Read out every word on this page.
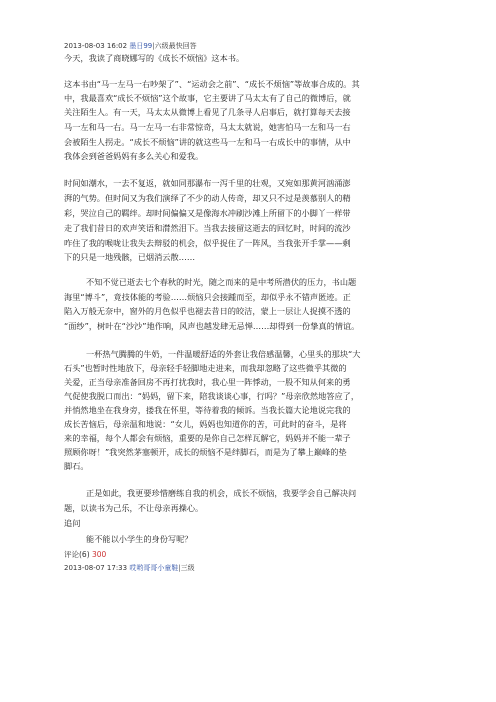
2013-08-03 16:02 墨日99|六级最快回答
今天，我读了商晓娜写的《成长不烦恼》这本书。
这本书由“马一左马一右吵架了”、“运动会之前”、“成长不烦恼”等故事合成的。其
中，我最喜欢“成长不烦恼”这个故事，它主要讲了马太太有了自己的微博后，就
关注陌生人。有一天，马太太从微博上看见了几条寻人启事后，就打算每天去接
马一左和马一右。马一左马一右非常惊奇，马太太就说，她害怕马一左和马一右
会被陌生人拐走。“成长不烦恼”讲的就这些马一左和马一右成长中的事情，从中
我体会到爸爸妈妈有多么关心和爱我。
时间如潮水，一去不复返，就如同那瀑布一泻千里的壮观，又宛如那黄河汹涌澎
湃的气势。但时间又为我们演绎了不少的动人传奇，却又只不过是羡慕别人的精
彩，哭泣自己的羁绊。却时间偏偏又是像海水冲刷沙滩上所留下的小脚丫一样带
走了我们昔日的欢声笑语和潸然泪下。当我去接留这逝去的回忆时，时间的流沙
咋住了我的喉咙让我失去辩驳的机会，似乎捉住了一阵风，当我张开手掌——剩
下的只是一地残骸，已烟消云散……
不知不觉已逝去七个春秋的时光，随之而来的是中考所潜伏的压力，书山题
海里“博斗”，竟技体能的考验……烦恼只会接踵而至，却似乎永不错声匿迹。正
陷入万般无奈中，窗外的月色似乎也褪去昔日的皎洁，蒙上一层让人捉摸不透的
“面纱”，树叶在“沙沙”地作响，风声也越发肆无忌惮……却得到一份挚真的情谊。
一杯热气腾腾的牛奶，一件温暖舒适的外套让我倍感温馨，心里头的那块“大
石头”也暂时性地放下，母亲轻手轻脚地走进来，而我却忽略了这些微乎其微的
关爱，正当母亲准备回房不再打扰我时，我心里一阵悸动，一股不知从何来的勇
气促使我脱口而出：“妈妈，留下来，陪我谈谈心事，行吗？”母亲欣然地答应了，
并悄然地坐在我身旁，搂我在怀里，等待着我的倾诉。当我长篇大论地说完我的
成长苦恼后，母亲温和地说：“女儿，妈妈也知道你的苦，可此时的奋斗，是将
来的幸福，每个人都会有烦恼，重要的是你自己怎样瓦解它，妈妈并不能一辈子
照顾你呀！”我突然茅塞顿开，成长的烦恼不是绊脚石，而是为了攀上巅峰的垫
脚石。
正是如此，我更要珍惜磨练自我的机会，成长不烦恼，我要学会自己解决问
题，以读书为己乐，不让母亲再操心。
追问
能不能以小学生的身份写呢？
评论(6) 300
2013-08-07 17:33 哎哟哥哥小童鞋|三级
